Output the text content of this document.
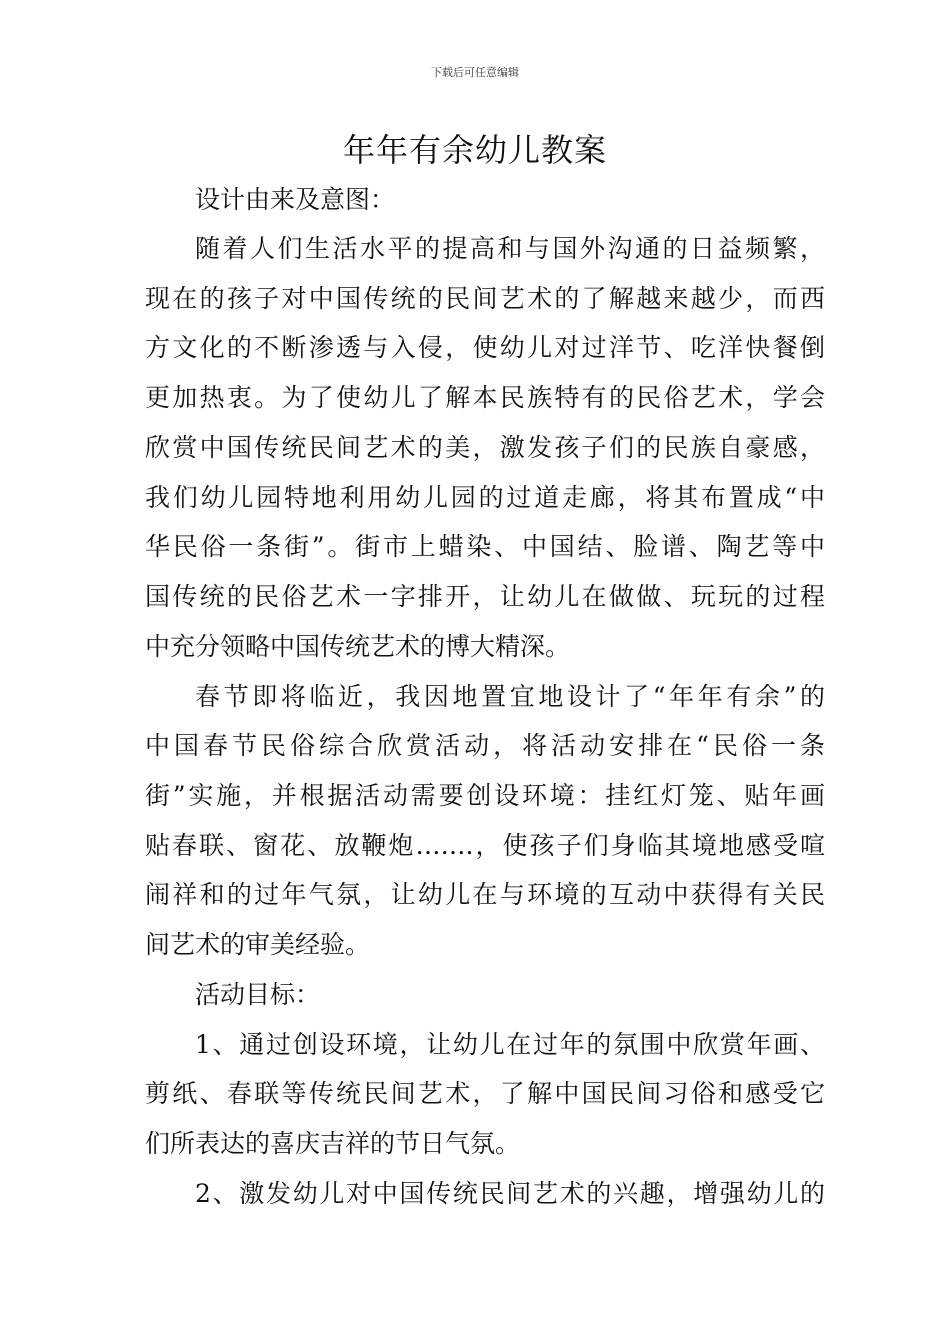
下载后可任意编辑
年年有余幼儿教案

设计由来及意图：

随着人们生活水平的提高和与国外沟通的日益频繁，

现在的孩子对中国传统的民间艺术的了解越来越少，而西

方文化的不断渗透与入侵，使幼儿对过洋节、吃洋快餐倒

更加热衷。为了使幼儿了解本民族特有的民俗艺术，学会

欣赏中国传统民间艺术的美，激发孩子们的民族自豪感，

我们幼儿园特地利用幼儿园的过道走廊，将其布置成“中

华民俗一条街”。街市上蜡染、中国结、脸谱、陶艺等中

国传统的民俗艺术一字排开，让幼儿在做做、玩玩的过程

中充分领略中国传统艺术的博大精深。

春节即将临近，我因地置宜地设计了“年年有余”的

中国春节民俗综合欣赏活动，将活动安排在“民俗一条

街”实施，并根据活动需要创设环境：挂红灯笼、贴年画

贴春联、窗花、放鞭炮…….，使孩子们身临其境地感受喧

闹祥和的过年气氛，让幼儿在与环境的互动中获得有关民

间艺术的审美经验。

活动目标：

1、通过创设环境，让幼儿在过年的氛围中欣赏年画、

剪纸、春联等传统民间艺术，了解中国民间习俗和感受它

们所表达的喜庆吉祥的节日气氛。

2、激发幼儿对中国传统民间艺术的兴趣，增强幼儿的
